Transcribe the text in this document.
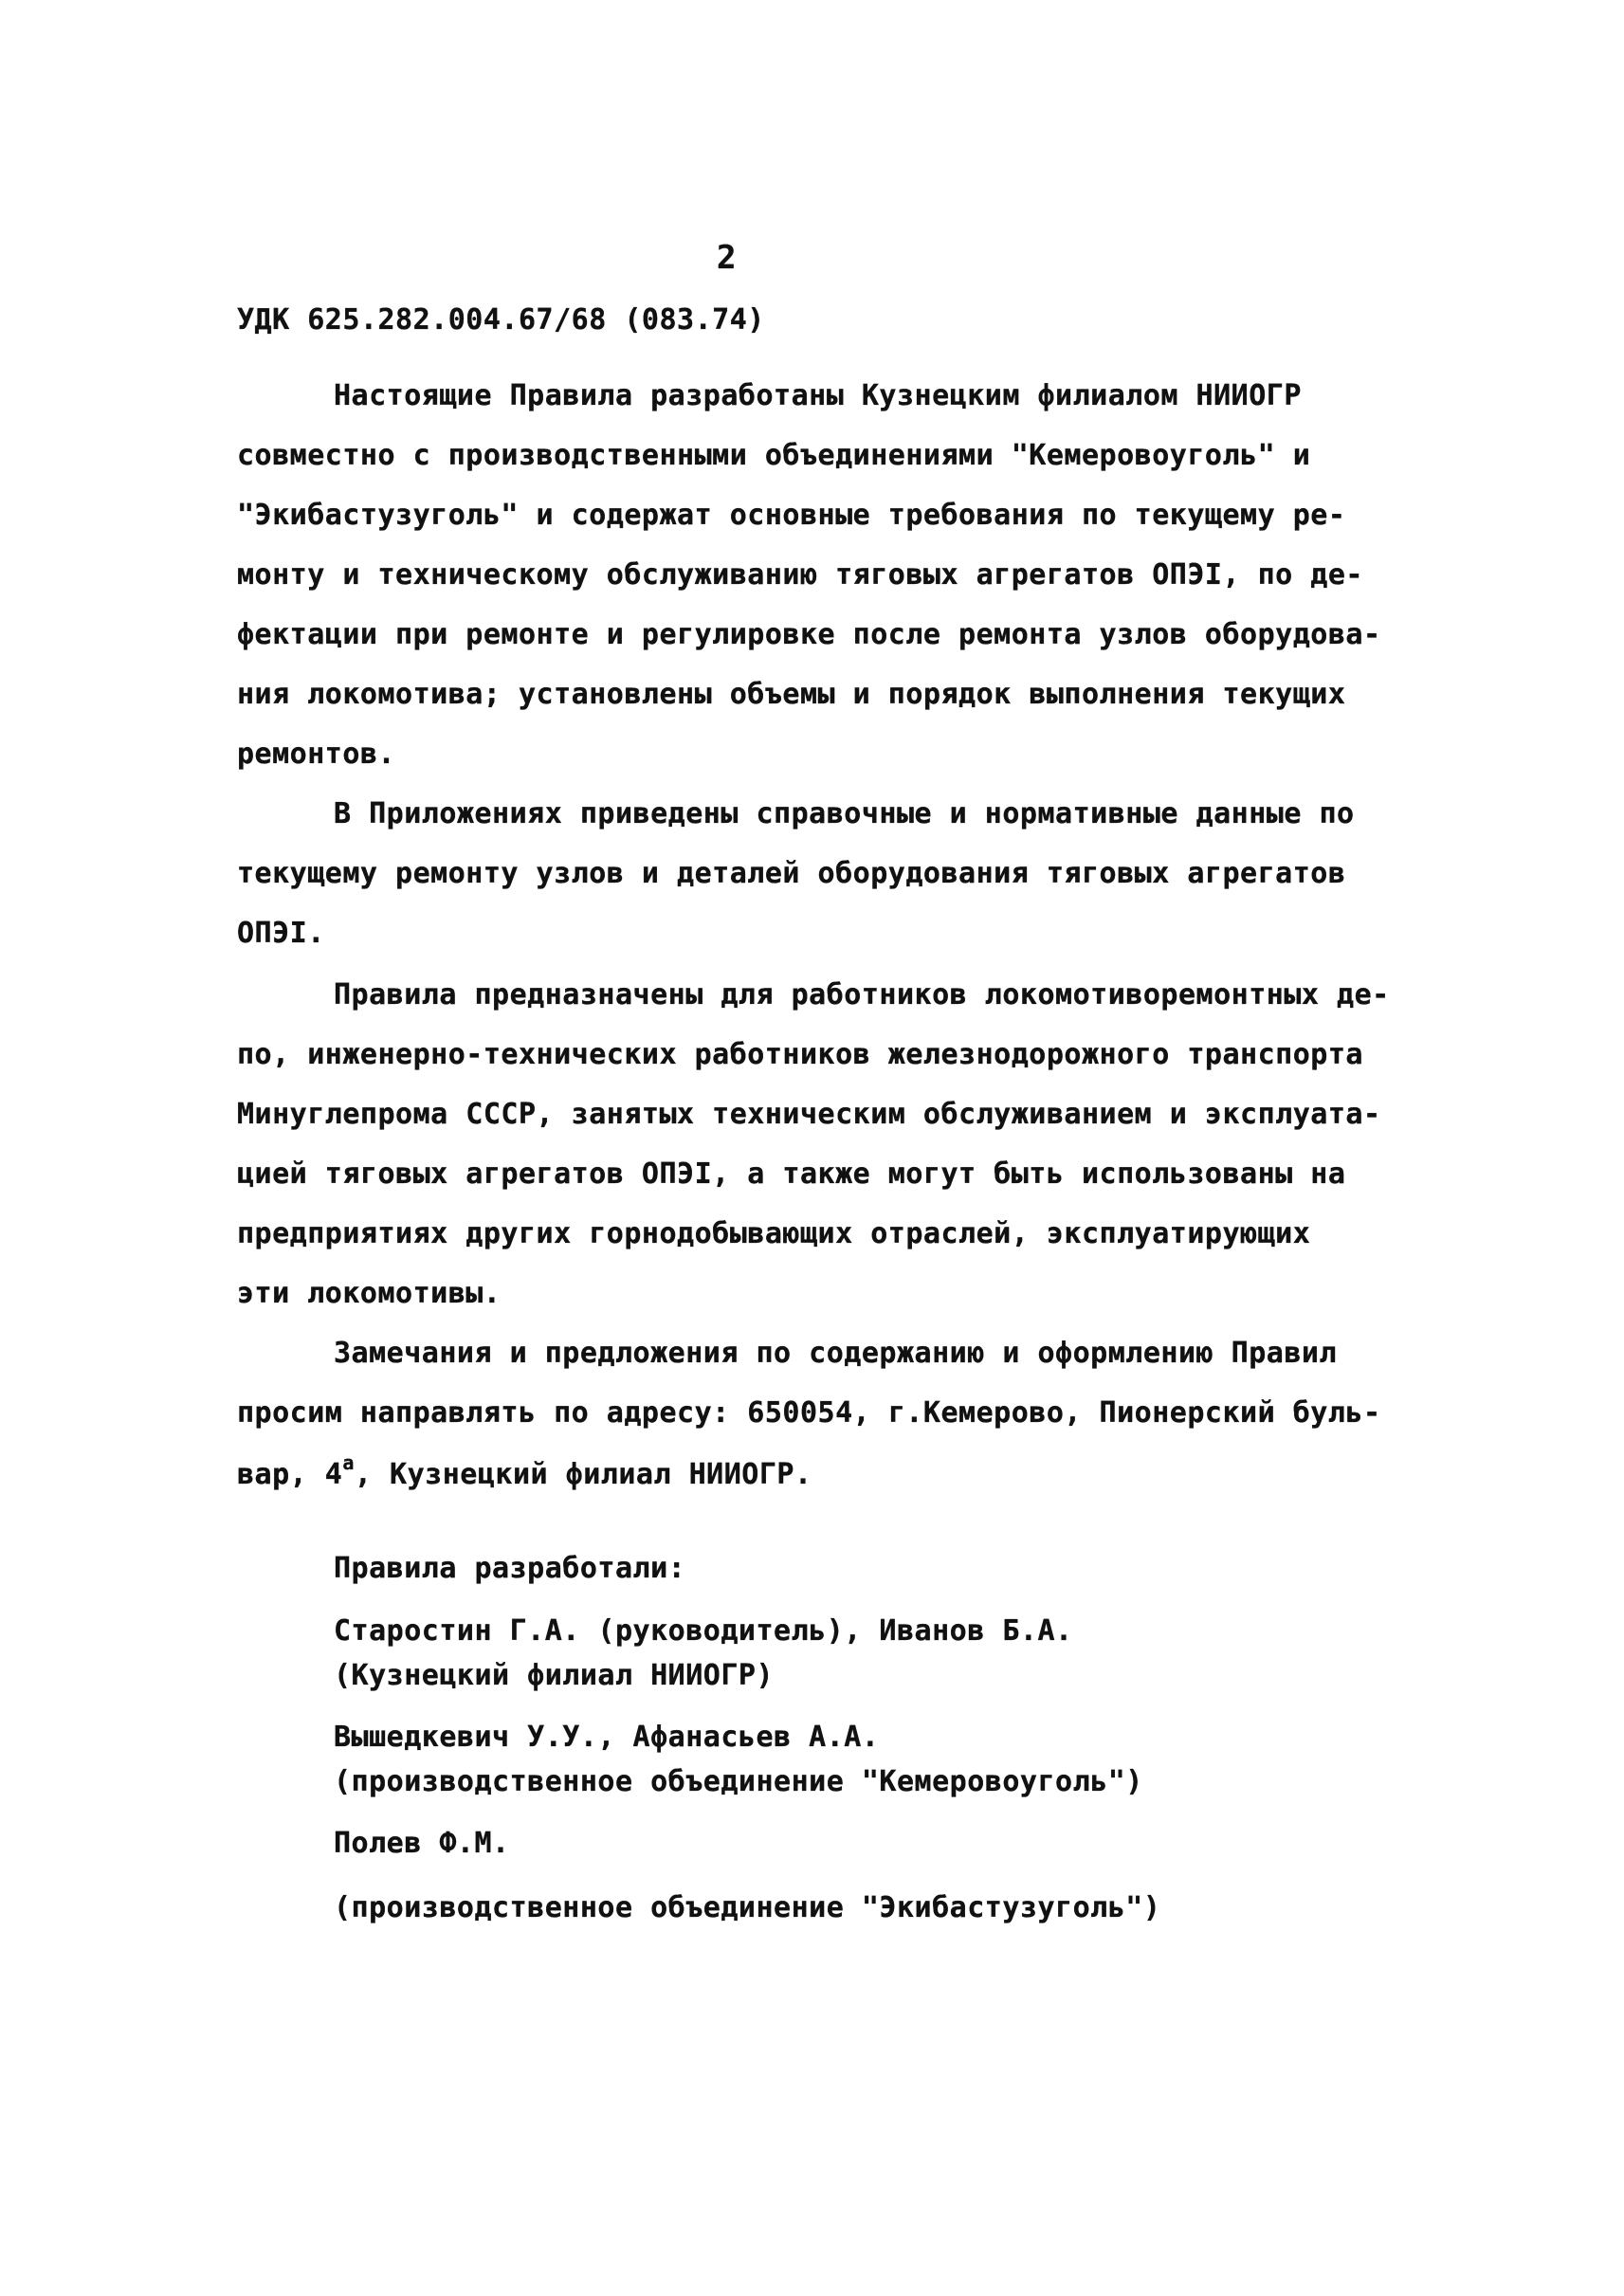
2
УДК 625.282.004.67/68 (083.74)
Настоящие Правила разработаны Кузнецким филиалом НИИОГР
совместно с производственными объединениями "Кемеровоуголь" и
"Экибастузуголь" и содержат основные требования по текущему ре-
монту и техническому обслуживанию тяговых агрегатов ОПЭI, по де-
фектации при ремонте и регулировке после ремонта узлов оборудова-
ния локомотива; установлены объемы и порядок выполнения текущих
ремонтов.
В Приложениях приведены справочные и нормативные данные по
текущему ремонту узлов и деталей оборудования тяговых агрегатов
ОПЭI.
Правила предназначены для работников локомотиворемонтных де-
по, инженерно-технических работников железнодорожного транспорта
Минуглепрома СССР, занятых техническим обслуживанием и эксплуата-
цией тяговых агрегатов ОПЭI, а также могут быть использованы на
предприятиях других горнодобывающих отраслей, эксплуатирующих
эти локомотивы.
Замечания и предложения по содержанию и оформлению Правил
просим направлять по адресу: 650054, г.Кемерово, Пионерский буль-
вар, $4^а$, Кузнецкий филиал НИИОГР.
Правила разработали:
Старостин Г.А. (руководитель), Иванов Б.А.
(Кузнецкий филиал НИИОГР)
Вышедкевич У.У., Афанасьев А.А.
(производственное объединение "Кемеровоуголь")
Полев Ф.М.
(производственное объединение "Экибастузуголь")
